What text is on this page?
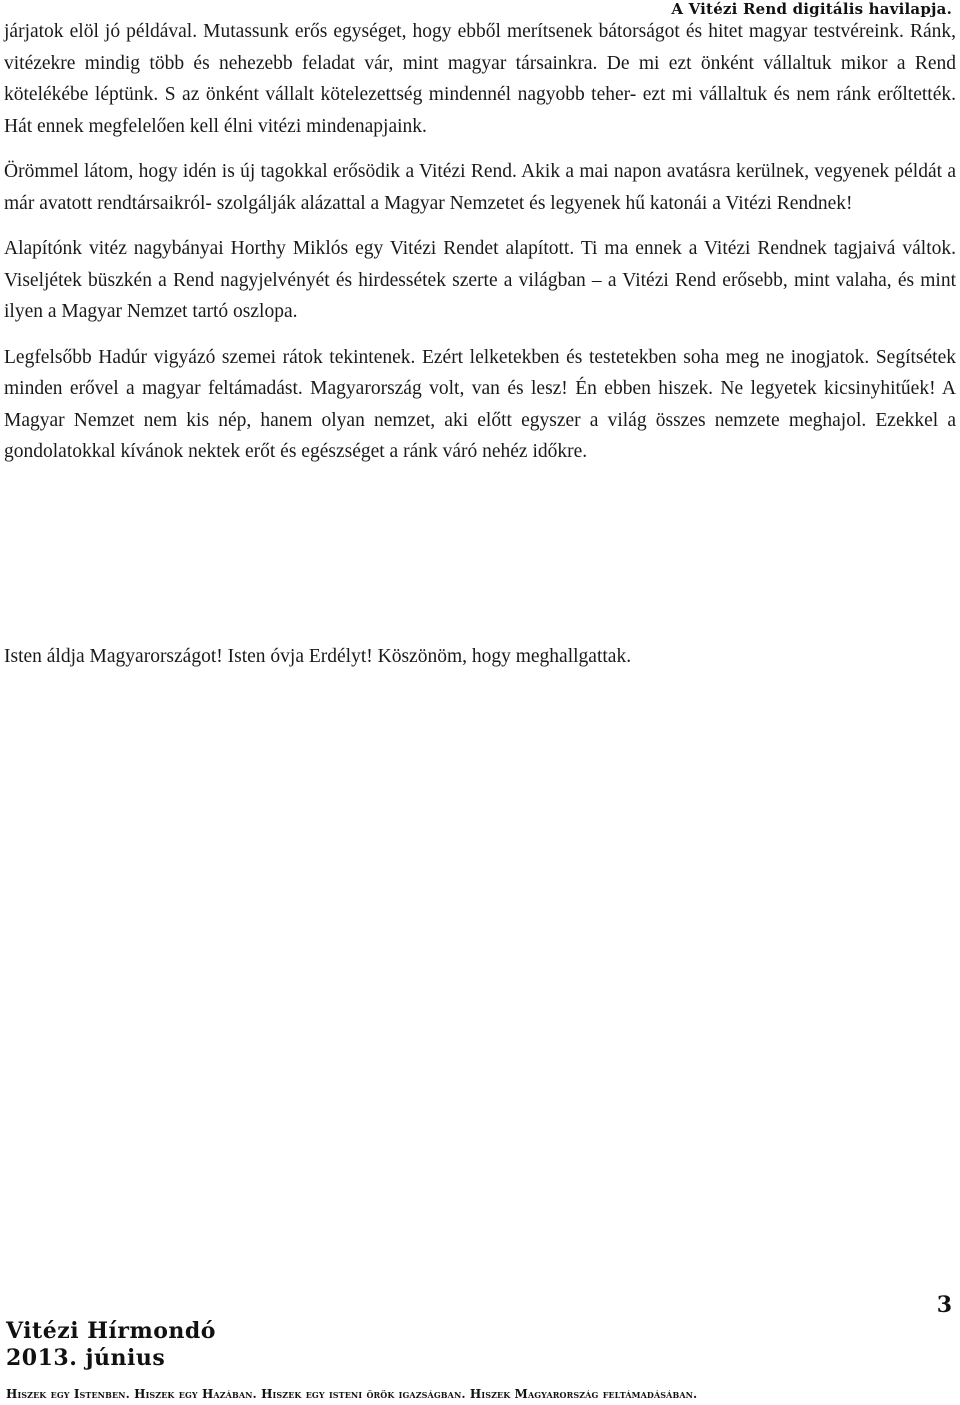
A Vitézi Rend digitális havilapja.

járjatok elöl jó példával. Mutassunk erős egységet, hogy ebből merítsenek bátorságot és hitet magyar testvéreink. Ránk, vitézekre mindig több és nehezebb feladat vár, mint magyar társainkra. De mi ezt önként vállaltuk mikor a Rend kötelékébe léptünk. S az önként vállalt kötelezettség mindennél nagyobb teher- ezt mi vállaltuk és nem ránk erőltették. Hát ennek megfelelően kell élni vitézi mindenapjaink.

Örömmel látom, hogy idén is új tagokkal erősödik a Vitézi Rend. Akik a mai napon avatásra kerülnek, vegyenek példát a már avatott rendtársaikról- szolgálják alázattal a Magyar Nemzetet és legyenek hű katonái a Vitézi Rendnek!

Alapítónk vitéz nagybányai Horthy Miklós egy Vitézi Rendet alapított. Ti ma ennek a Vitézi Rendnek tagjaivá váltok. Viseljétek büszkén a Rend nagyjelvényét és hirdessétek szerte a világban – a Vitézi Rend erősebb, mint valaha, és mint ilyen a Magyar Nemzet tartó oszlopa.

Legfelsőbb Hadúr vigyázó szemei rátok tekintenek. Ezért lelketekben és testetekben soha meg ne inogjatok. Segítsétek minden erővel a magyar feltámadást. Magyarország volt, van és lesz! Én ebben hiszek. Ne legyetek kicsinyhitűek! A Magyar Nemzet nem kis nép, hanem olyan nemzet, aki előtt egyszer a világ összes nemzete meghajol. Ezekkel a gondolatokkal kívánok nektek erőt és egészséget a ránk váró nehéz időkre.

Isten áldja Magyarországot! Isten óvja Erdélyt! Köszönöm, hogy meghallgattak.
3
Vitézi Hírmondó
2013. június
Hiszek egy Istenben. Hiszek egy Hazában. Hiszek egy isteni örök igazságban. Hiszek Magyarország feltámadásában.
